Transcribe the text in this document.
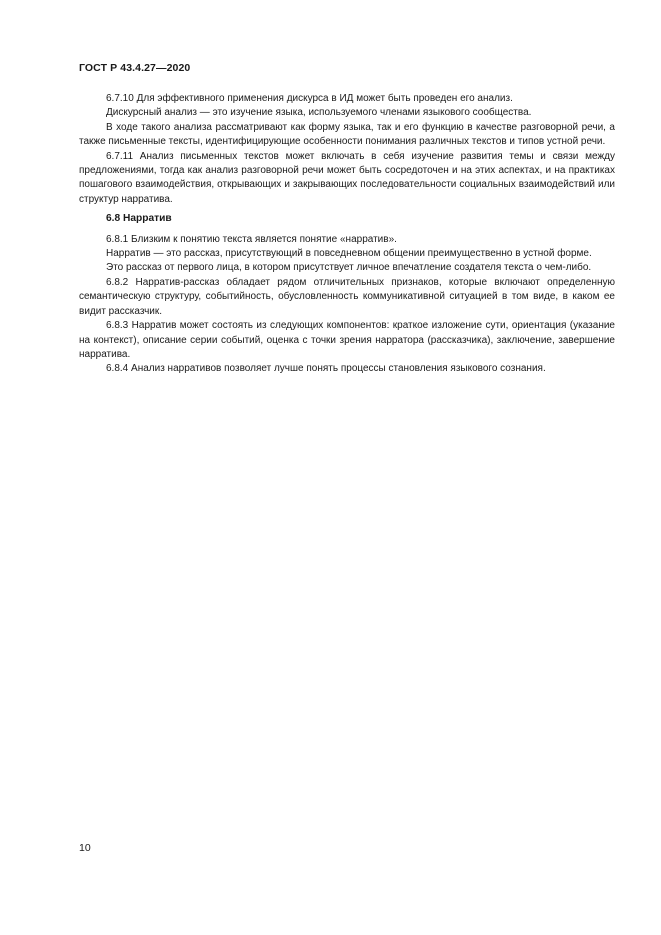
ГОСТ Р 43.4.27—2020

6.7.10 Для эффективного применения дискурса в ИД может быть проведен его анализ.

Дискурсный анализ — это изучение языка, используемого членами языкового сообщества.

В ходе такого анализа рассматривают как форму языка, так и его функцию в качестве разговорной речи, а также письменные тексты, идентифицирующие особенности понимания различных текстов и типов устной речи.

6.7.11 Анализ письменных текстов может включать в себя изучение развития темы и связи между предложениями, тогда как анализ разговорной речи может быть сосредоточен и на этих аспектах, и на практиках пошагового взаимодействия, открывающих и закрывающих последовательности социальных взаимодействий или структур нарратива.

6.8 Нарратив

6.8.1 Близким к понятию текста является понятие «нарратив».

Нарратив — это рассказ, присутствующий в повседневном общении преимущественно в устной форме.

Это рассказ от первого лица, в котором присутствует личное впечатление создателя текста о чем-либо.

6.8.2 Нарратив-рассказ обладает рядом отличительных признаков, которые включают определенную семантическую структуру, событийность, обусловленность коммуникативной ситуацией в том виде, в каком ее видит рассказчик.

6.8.3 Нарратив может состоять из следующих компонентов: краткое изложение сути, ориентация (указание на контекст), описание серии событий, оценка с точки зрения нарратора (рассказчика), заключение, завершение нарратива.

6.8.4 Анализ нарративов позволяет лучше понять процессы становления языкового сознания.

10
